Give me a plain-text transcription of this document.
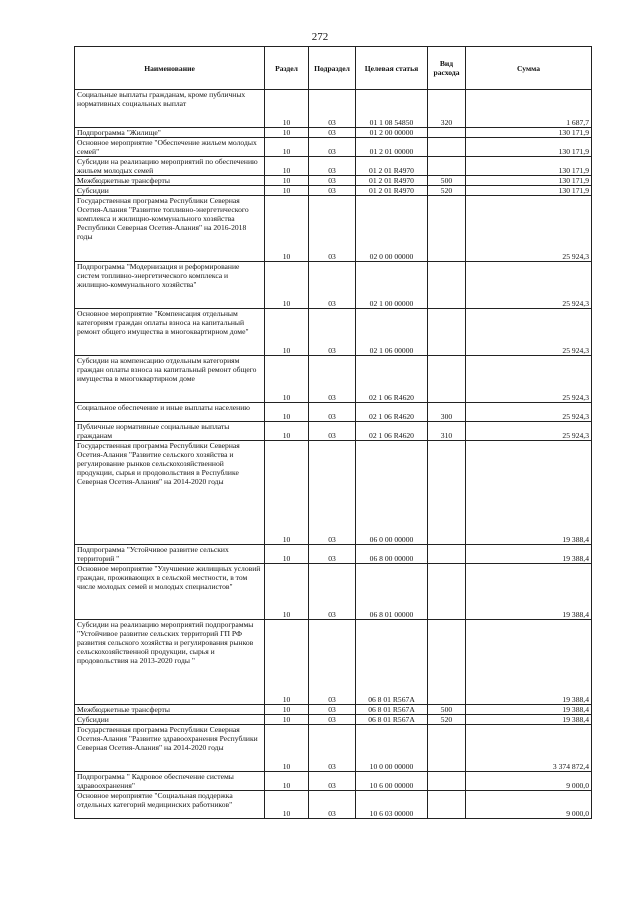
272
Наименование	Раздел	Подраздел	Целевая статья	Вид расхода	Сумма
Социальные выплаты гражданам, кроме публичных нормативных социальных выплат	10	03	01 1 08 54850	320	1 687,7
Подпрограмма "Жилище"	10	03	01 2 00 00000		130 171,9
Основное мероприятие "Обеспечение жильем молодых семей"	10	03	01 2 01 00000		130 171,9
Субсидии на реализацию мероприятий по обеспечению жильем молодых семей	10	03	01 2 01 R4970		130 171,9
Межбюджетные трансферты	10	03	01 2 01 R4970	500	130 171,9
Субсидии	10	03	01 2 01 R4970	520	130 171,9
Государственная программа Республики Северная Осетия-Алания "Развитие топливно-энергетического комплекса и жилищно-коммунального хозяйства Республики Северная Осетия-Алания" на 2016-2018 годы	10	03	02 0 00 00000		25 924,3
Подпрограмма "Модернизация и реформирование систем топливно-энергетического комплекса и жилищно-коммунального хозяйства"	10	03	02 1 00 00000		25 924,3
Основное мероприятие "Компенсация отдельным категориям граждан оплаты взноса на капитальный ремонт общего имущества в многоквартирном доме"	10	03	02 1 06 00000		25 924,3
Субсидии на компенсацию отдельным категориям граждан оплаты взноса на капитальный ремонт общего имущества в многоквартирном доме	10	03	02 1 06 R4620		25 924,3
Социальное обеспечение и иные выплаты населению	10	03	02 1 06 R4620	300	25 924,3
Публичные нормативные социальные выплаты гражданам	10	03	02 1 06 R4620	310	25 924,3
Государственная программа Республики Северная Осетия-Алания "Развитие сельского хозяйства и регулирование рынков сельскохозяйственной продукции, сырья и продовольствия в Республике Северная Осетия-Алания" на 2014-2020 годы	10	03	06 0 00 00000		19 388,4
Подпрограмма "Устойчивое развитие сельских территорий "	10	03	06 8 00 00000		19 388,4
Основное мероприятие "Улучшение жилищных условий граждан, проживающих в сельской местности, в том числе молодых семей и молодых специалистов"	10	03	06 8 01 00000		19 388,4
Субсидии на реализацию мероприятий подпрограммы "Устойчивое развитие сельских территорий ГП РФ развития сельского хозяйства и регулирования рынков сельскохозяйственной продукции, сырья и продовольствия на 2013-2020 годы "	10	03	06 8 01 R567А		19 388,4
Межбюджетные трансферты	10	03	06 8 01 R567А	500	19 388,4
Субсидии	10	03	06 8 01 R567А	520	19 388,4
Государственная программа Республики Северная Осетия-Алания "Развитие здравоохранения Республики Северная Осетия-Алания" на 2014-2020 годы	10	03	10 0 00 00000		3 374 872,4
Подпрограмма " Кадровое обеспечение системы здравоохранения"	10	03	10 6 00 00000		9 000,0
Основное мероприятие "Социальная поддержка отдельных категорий медицинских работников"	10	03	10 6 03 00000		9 000,0
